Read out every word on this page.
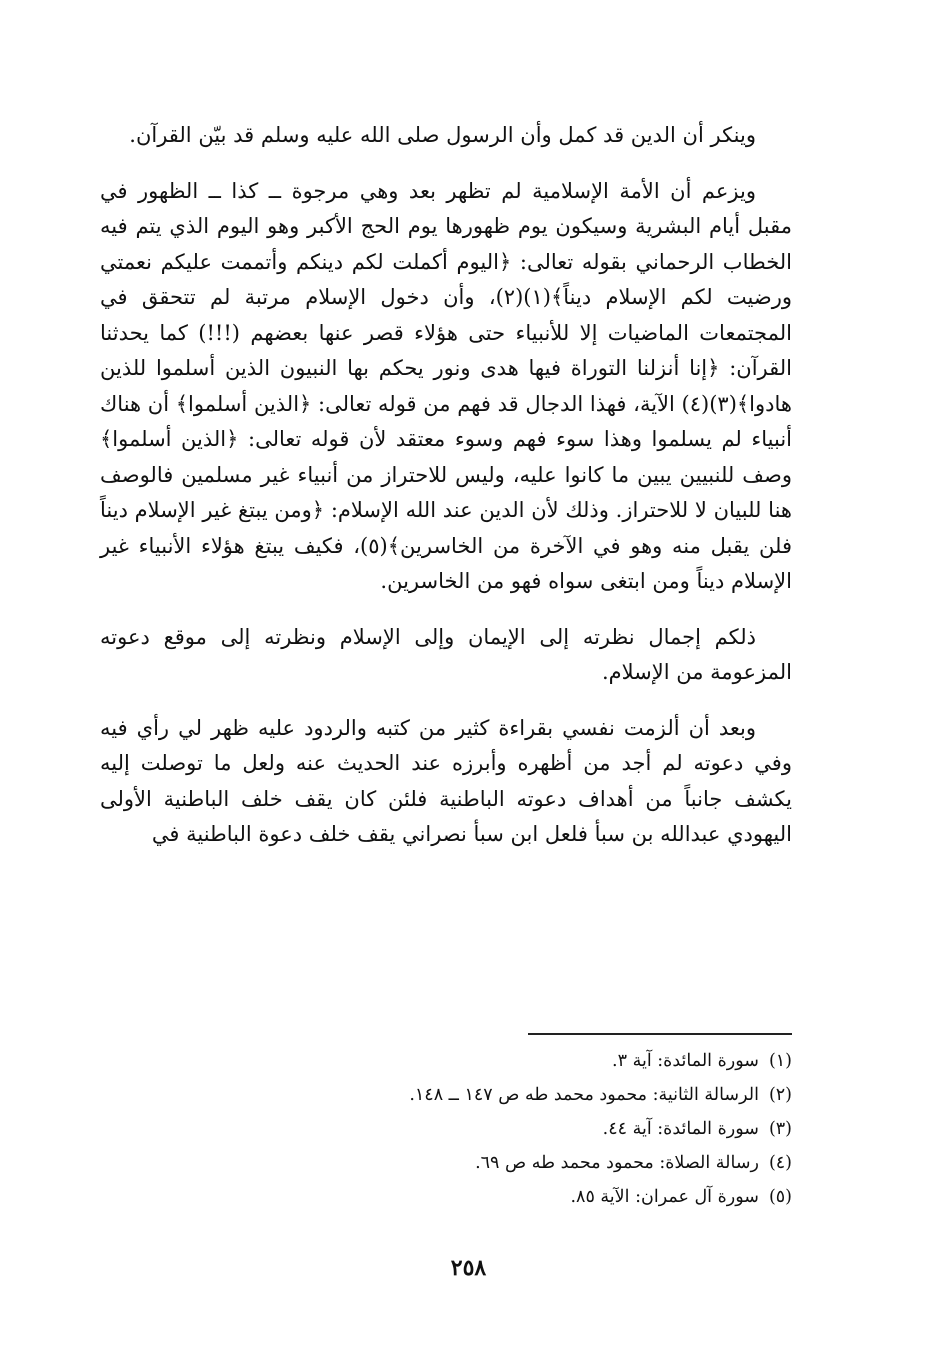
وينكر أن الدين قد كمل وأن الرسول صلى الله عليه وسلم قد بيّن القرآن.

ويزعم أن الأمة الإسلامية لم تظهر بعد وهي مرجوة ــ كذا ــ الظهور في مقبل أيام البشرية وسيكون يوم ظهورها يوم الحج الأكبر وهو اليوم الذي يتم فيه الخطاب الرحماني بقوله تعالى: ﴿اليوم أكملت لكم دينكم وأتممت عليكم نعمتي ورضيت لكم الإسلام ديناً﴾(١)(٢)، وأن دخول الإسلام مرتبة لم تتحقق في المجتمعات الماضيات إلا للأنبياء حتى هؤلاء قصر عنها بعضهم (!!!) كما يحدثنا القرآن: ﴿إنا أنزلنا التوراة فيها هدى ونور يحكم بها النبيون الذين أسلموا للذين هادوا﴾(٣)(٤) الآية، فهذا الدجال قد فهم من قوله تعالى: ﴿الذين أسلموا﴾ أن هناك أنبياء لم يسلموا وهذا سوء فهم وسوء معتقد لأن قوله تعالى: ﴿الذين أسلموا﴾ وصف للنبيين يبين ما كانوا عليه، وليس للاحتراز من أنبياء غير مسلمين فالوصف هنا للبيان لا للاحتراز. وذلك لأن الدين عند الله الإسلام: ﴿ومن يبتغ غير الإسلام ديناً فلن يقبل منه وهو في الآخرة من الخاسرين﴾(٥)، فكيف يبتغ هؤلاء الأنبياء غير الإسلام ديناً ومن ابتغى سواه فهو من الخاسرين.

ذلكم إجمال نظرته إلى الإيمان وإلى الإسلام ونظرته إلى موقع دعوته المزعومة من الإسلام.

وبعد أن ألزمت نفسي بقراءة كثير من كتبه والردود عليه ظهر لي رأي فيه وفي دعوته لم أجد من أظهره وأبرزه عند الحديث عنه ولعل ما توصلت إليه يكشف جانباً من أهداف دعوته الباطنية فلئن كان يقف خلف الباطنية الأولى اليهودي عبدالله بن سبأ فلعل ابن سبأ نصراني يقف خلف دعوة الباطنية في

(١)سورة المائدة: آية ٣.
(٢)الرسالة الثانية: محمود محمد طه ص ١٤٧ ــ ١٤٨.
(٣)سورة المائدة: آية ٤٤.
(٤)رسالة الصلاة: محمود محمد طه ص ٦٩.
(٥)سورة آل عمران: الآية ٨٥.
٢٥٨
